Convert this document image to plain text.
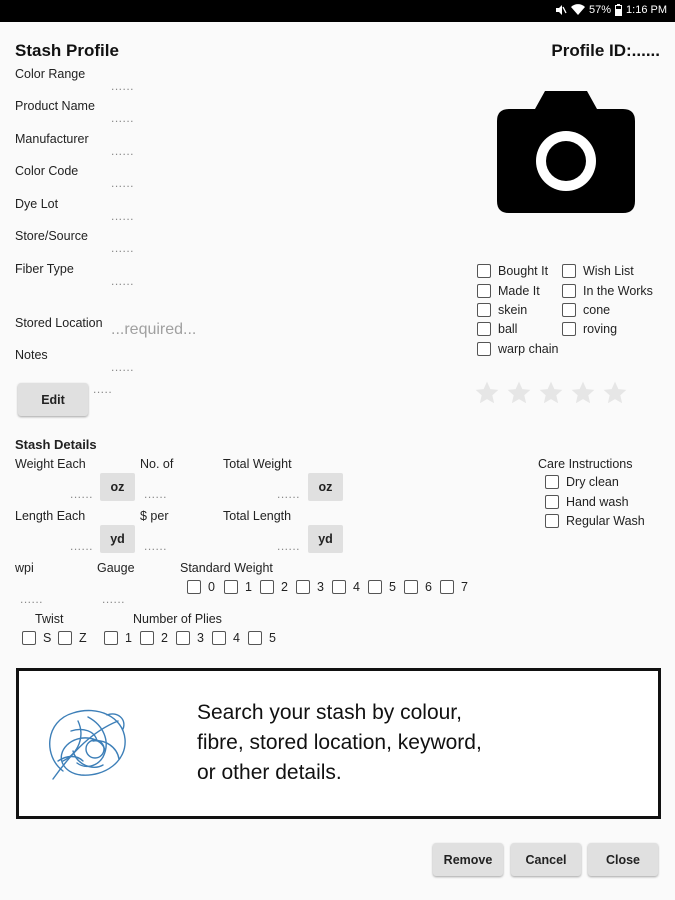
57% 1:16 PM
Stash Profile	Profile ID:......
Color Range
......
Product Name
......
Manufacturer
......
Color Code
......
Dye Lot
......
Store/Source
......
Fiber Type
......
Stored Location ...required...
Notes
......
Edit
.....
Bought It	Wish List
Made It	In the Works
skein	cone
ball	roving
warp chain
Stash Details
Weight Each	No. of	Total Weight
......	oz	......	......	oz
Length Each	$ per	Total Length
......	yd	......	......	yd
wpi	Gauge	Standard Weight
......	......
0 1 2 3 4 5 6 7
Twist	Number of Plies
S Z	1 2 3 4 5
Care Instructions
Dry clean
Hand wash
Regular Wash
Search your stash by colour,
fibre, stored location, keyword,
or other details.
Remove	Cancel	Close
